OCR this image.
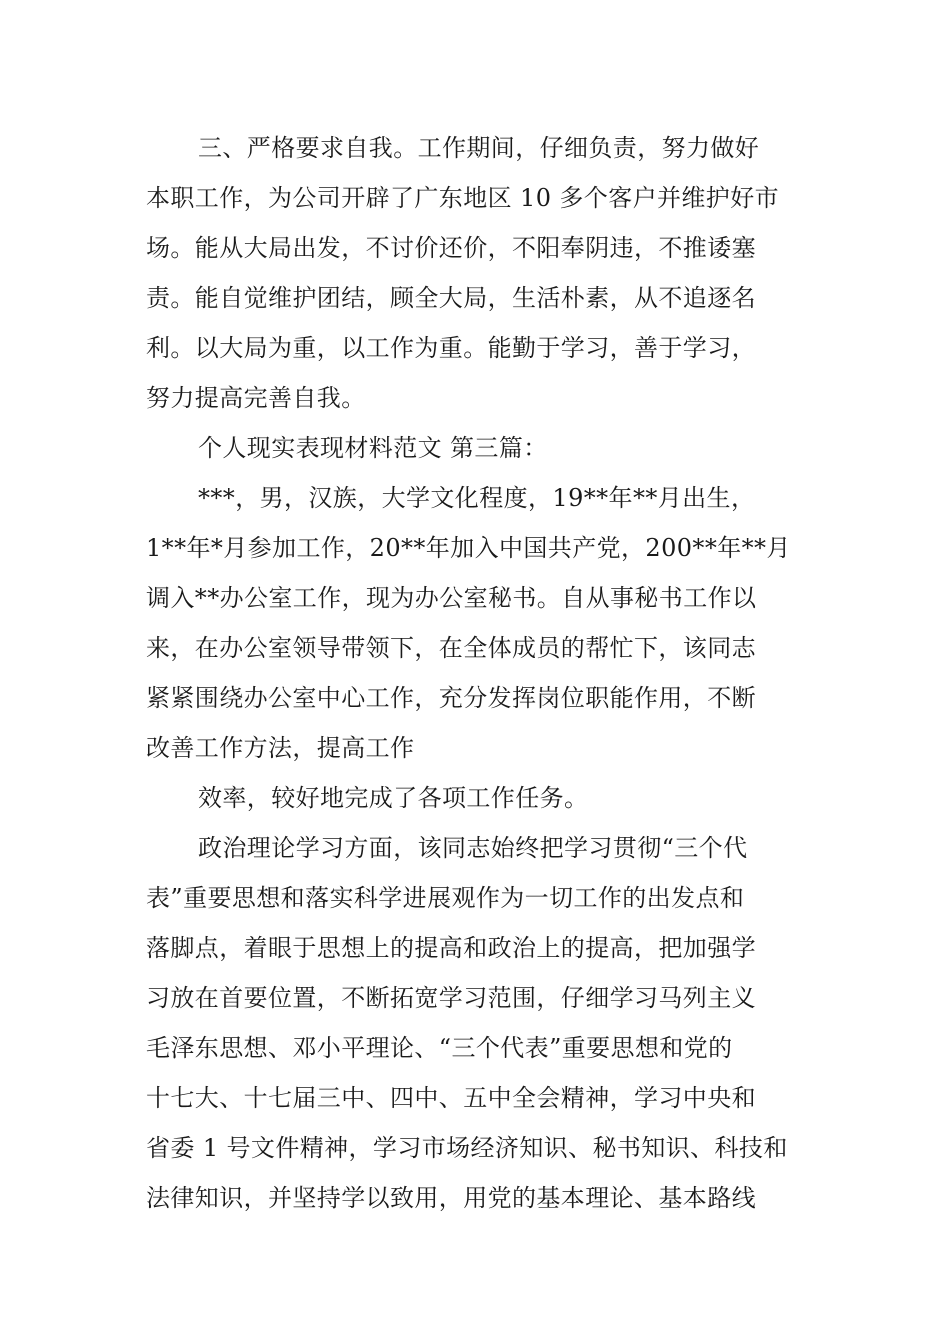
三、严格要求自我。工作期间，仔细负责，努力做好

本职工作，为公司开辟了广东地区 10 多个客户并维护好市

场。能从大局出发，不讨价还价，不阳奉阴违，不推诿塞

责。能自觉维护团结，顾全大局，生活朴素，从不追逐名

利。以大局为重，以工作为重。能勤于学习，善于学习，

努力提高完善自我。

个人现实表现材料范文 第三篇：

***，男，汉族，大学文化程度，19**年**月出生，

1**年*月参加工作，20**年加入中国共产党，200**年**月

调入**办公室工作，现为办公室秘书。自从事秘书工作以

来，在办公室领导带领下，在全体成员的帮忙下，该同志

紧紧围绕办公室中心工作，充分发挥岗位职能作用，不断

改善工作方法，提高工作

效率，较好地完成了各项工作任务。

政治理论学习方面，该同志始终把学习贯彻“三个代

表”重要思想和落实科学进展观作为一切工作的出发点和

落脚点，着眼于思想上的提高和政治上的提高，把加强学

习放在首要位置，不断拓宽学习范围，仔细学习马列主义

毛泽东思想、邓小平理论、“三个代表”重要思想和党的

十七大、十七届三中、四中、五中全会精神，学习中央和

省委 1 号文件精神，学习市场经济知识、秘书知识、科技和

法律知识，并坚持学以致用，用党的基本理论、基本路线
